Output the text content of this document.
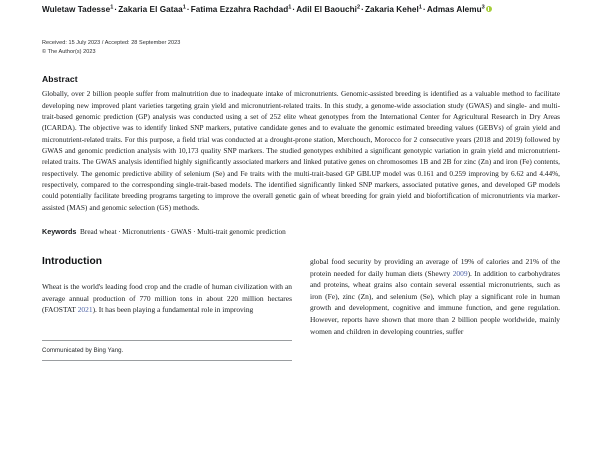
Wuletaw Tadesse$^1$·Zakaria El Gataa$^1$·Fatima Ezzahra Rachdad$^1$·Adil El Baouchi$^2$·Zakaria Kehel$^1$·Admas Alemu$^3$
Received: 15 July 2023 / Accepted: 28 September 2023
© The Author(s) 2023
Abstract
Globally, over 2 billion people suffer from malnutrition due to inadequate intake of micronutrients. Genomic-assisted breeding is identified as a valuable method to facilitate developing new improved plant varieties targeting grain yield and micronutrient-related traits. In this study, a genome-wide association study (GWAS) and single- and multi-trait-based genomic prediction (GP) analysis was conducted using a set of 252 elite wheat genotypes from the International Center for Agricultural Research in Dry Areas (ICARDA). The objective was to identify linked SNP markers, putative candidate genes and to evaluate the genomic estimated breeding values (GEBVs) of grain yield and micronutrient-related traits. For this purpose, a field trial was conducted at a drought-prone station, Merchouch, Morocco for 2 consecutive years (2018 and 2019) followed by GWAS and genomic prediction analysis with 10,173 quality SNP markers. The studied genotypes exhibited a significant genotypic variation in grain yield and micronutrient-related traits. The GWAS analysis identified highly significantly associated markers and linked putative genes on chromosomes 1B and 2B for zinc (Zn) and iron (Fe) contents, respectively. The genomic predictive ability of selenium (Se) and Fe traits with the multi-trait-based GP GBLUP model was 0.161 and 0.259 improving by 6.62 and 4.44%, respectively, compared to the corresponding single-trait-based models. The identified significantly linked SNP markers, associated putative genes, and developed GP models could potentially facilitate breeding programs targeting to improve the overall genetic gain of wheat breeding for grain yield and biofortification of micronutrients via marker-assisted (MAS) and genomic selection (GS) methods.
Keywords Bread wheat · Micronutrients · GWAS · Multi-trait genomic prediction
Introduction
Wheat is the world's leading food crop and the cradle of human civilization with an average annual production of 770 million tons in about 220 million hectares (FAOSTAT 2021). It has been playing a fundamental role in improving
Communicated by Bing Yang.

global food security by providing an average of 19% of calories and 21% of the protein needed for daily human diets (Shewry 2009). In addition to carbohydrates and proteins, wheat grains also contain several essential micronutrients, such as iron (Fe), zinc (Zn), and selenium (Se), which play a significant role in human growth and development, cognitive and immune function, and gene regulation. However, reports have shown that more than 2 billion people worldwide, mainly women and children in developing countries, suffer
